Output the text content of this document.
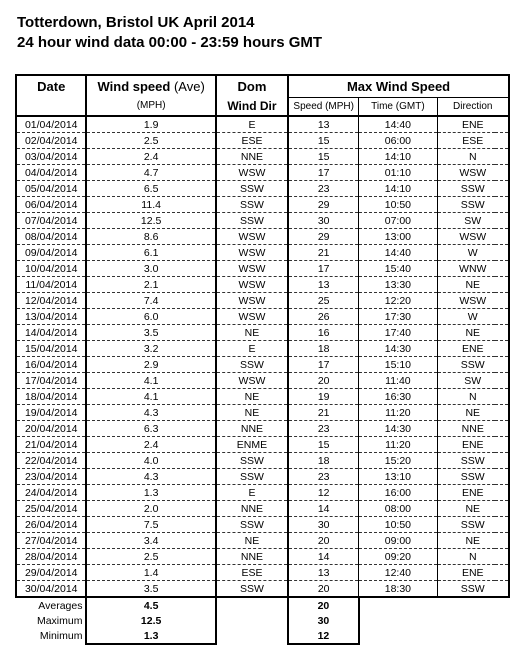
Totterdown, Bristol UK April 2014
24 hour wind data 00:00 - 23:59 hours GMT
Date	Wind speed (Ave)	Dom	Max Wind Speed		
	(MPH)	Wind Dir	Speed (MPH)	Time (GMT)	Direction
01/04/2014	1.9	E	13	14:40	ENE
02/04/2014	2.5	ESE	15	06:00	ESE
03/04/2014	2.4	NNE	15	14:10	N
04/04/2014	4.7	WSW	17	01:10	WSW
05/04/2014	6.5	SSW	23	14:10	SSW
06/04/2014	11.4	SSW	29	10:50	SSW
07/04/2014	12.5	SSW	30	07:00	SW
08/04/2014	8.6	WSW	29	13:00	WSW
09/04/2014	6.1	WSW	21	14:40	W
10/04/2014	3.0	WSW	17	15:40	WNW
11/04/2014	2.1	WSW	13	13:30	NE
12/04/2014	7.4	WSW	25	12:20	WSW
13/04/2014	6.0	WSW	26	17:30	W
14/04/2014	3.5	NE	16	17:40	NE
15/04/2014	3.2	E	18	14:30	ENE
16/04/2014	2.9	SSW	17	15:10	SSW
17/04/2014	4.1	WSW	20	11:40	SW
18/04/2014	4.1	NE	19	16:30	N
19/04/2014	4.3	NE	21	11:20	NE
20/04/2014	6.3	NNE	23	14:30	NNE
21/04/2014	2.4	ENME	15	11:20	ENE
22/04/2014	4.0	SSW	18	15:20	SSW
23/04/2014	4.3	SSW	23	13:10	SSW
24/04/2014	1.3	E	12	16:00	ENE
25/04/2014	2.0	NNE	14	08:00	NE
26/04/2014	7.5	SSW	30	10:50	SSW
27/04/2014	3.4	NE	20	09:00	NE
28/04/2014	2.5	NNE	14	09:20	N
29/04/2014	1.4	ESE	13	12:40	ENE
30/04/2014	3.5	SSW	20	18:30	SSW
Averages	4.5		20		
Maximum	12.5		30		
Minimum	1.3		12		
